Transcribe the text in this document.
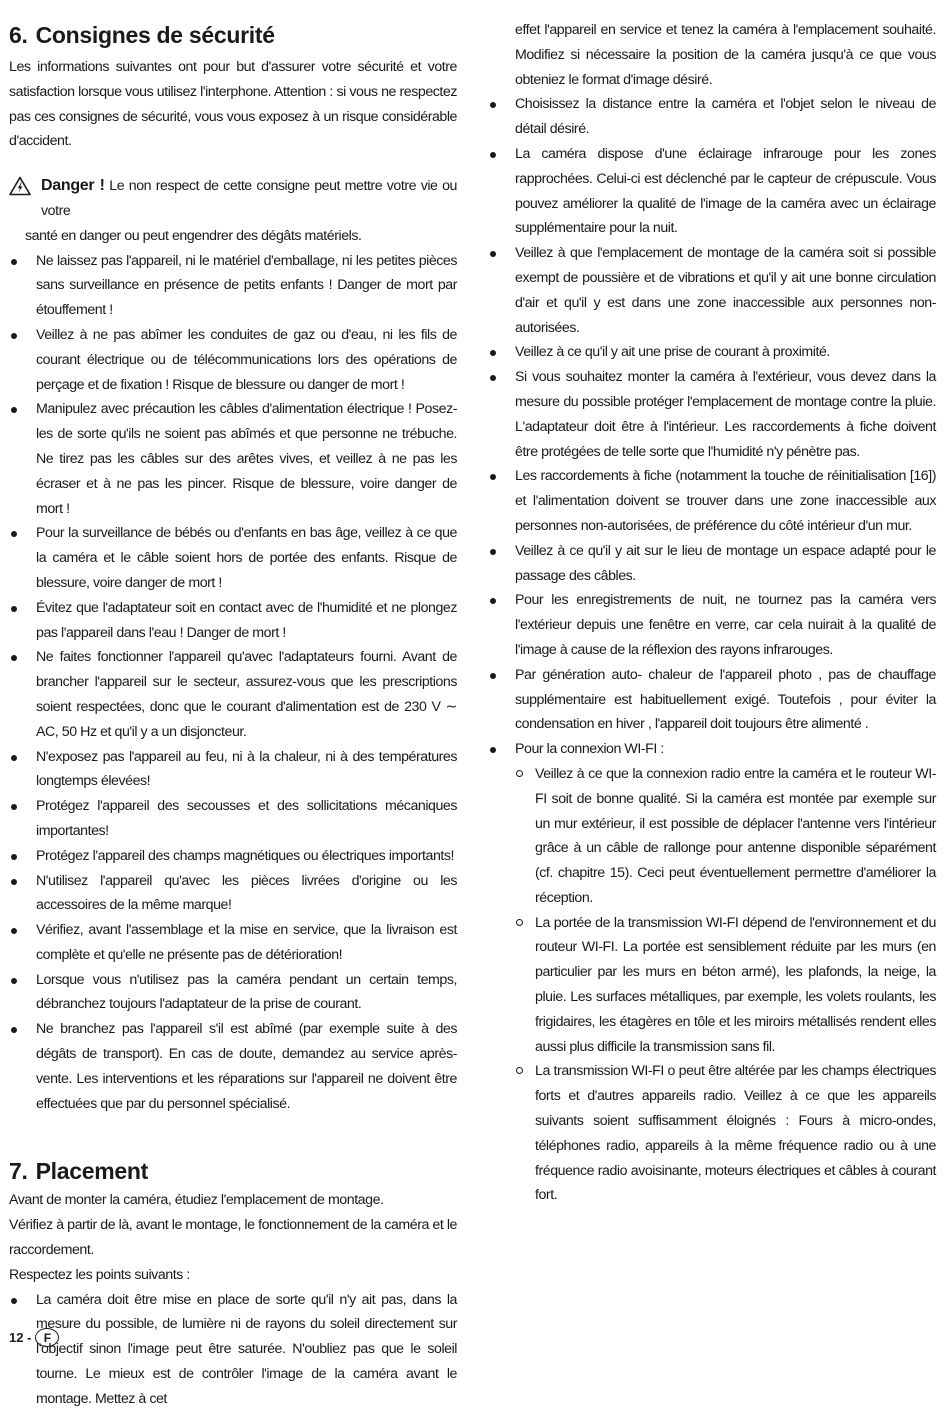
6. Consignes de sécurité

Les informations suivantes ont pour but d'assurer votre sécurité et votre satisfaction lorsque vous utilisez l'interphone. Attention : si vous ne respectez pas ces consignes de sécurité, vous vous exposez à un risque considérable d'accident.

Danger ! Le non respect de cette consigne peut mettre votre vie ou votre
santé en danger ou peut engendrer des dégâts matériels.

Ne laissez pas l'appareil, ni le matériel d'emballage, ni les petites pièces sans surveillance en présence de petits enfants ! Danger de mort par étouffement !
Veillez à ne pas abîmer les conduites de gaz ou d'eau, ni les fils de courant électrique ou de télécommunications lors des opérations de perçage et de fixation ! Risque de blessure ou danger de mort !
Manipulez avec précaution les câbles d'alimentation électrique ! Posez-les de sorte qu'ils ne soient pas abîmés et que personne ne trébuche. Ne tirez pas les câbles sur des arêtes vives, et veillez à ne pas les écraser et à ne pas les pincer. Risque de blessure, voire danger de mort !
Pour la surveillance de bébés ou d'enfants en bas âge, veillez à ce que la caméra et le câble soient hors de portée des enfants. Risque de blessure, voire danger de mort !
Évitez que l'adaptateur soit en contact avec de l'humidité et ne plongez pas l'appareil dans l'eau ! Danger de mort !
Ne faites fonctionner l'appareil qu'avec l'adaptateurs fourni. Avant de brancher l'appareil sur le secteur, assurez-vous que les prescriptions soient respectées, donc que le courant d'alimentation est de 230 V ∼ AC, 50 Hz et qu'il y a un disjoncteur.
N'exposez pas l'appareil au feu, ni à la chaleur, ni à des températures longtemps élevées!
Protégez l'appareil des secousses et des sollicitations mécaniques importantes!
Protégez l'appareil des champs magnétiques ou électriques importants!
N'utilisez l'appareil qu'avec les pièces livrées d'origine ou les accessoires de la même marque!
Vérifiez, avant l'assemblage et la mise en service, que la livraison est complète et qu'elle ne présente pas de détérioration!
Lorsque vous n'utilisez pas la caméra pendant un certain temps, débranchez toujours l'adaptateur de la prise de courant.
Ne branchez pas l'appareil s'il est abîmé (par exemple suite à des dégâts de transport). En cas de doute, demandez au service après-vente. Les interventions et les réparations sur l'appareil ne doivent être effectuées que par du personnel spécialisé.
7. Placement

Avant de monter la caméra, étudiez l'emplacement de montage.

Vérifiez à partir de là, avant le montage, le fonctionnement de la caméra et le raccordement.

Respectez les points suivants :

La caméra doit être mise en place de sorte qu'il n'y ait pas, dans la mesure du possible, de lumière ni de rayons du soleil directement sur l'objectif sinon l'image peut être saturée. N'oubliez pas que le soleil tourne. Le mieux est de contrôler l'image de la caméra avant le montage. Mettez à cet

effet l'appareil en service et tenez la caméra à l'emplacement souhaité. Modifiez si nécessaire la position de la caméra jusqu'à ce que vous obteniez le format d'image désiré.

Choisissez la distance entre la caméra et l'objet selon le niveau de détail désiré.
La caméra dispose d'une éclairage infrarouge pour les zones rapprochées. Celui-ci est déclenché par le capteur de crépuscule. Vous pouvez améliorer la qualité de l'image de la caméra avec un éclairage supplémentaire pour la nuit.
Veillez à que l'emplacement de montage de la caméra soit si possible exempt de poussière et de vibrations et qu'il y ait une bonne circulation d'air et qu'il y est dans une zone inaccessible aux personnes non-autorisées.
Veillez à ce qu'il y ait une prise de courant à proximité.
Si vous souhaitez monter la caméra à l'extérieur, vous devez dans la mesure du possible protéger l'emplacement de montage contre la pluie. L'adaptateur doit être à l'intérieur. Les raccordements à fiche doivent être protégées de telle sorte que l'humidité n'y pénètre pas.
Les raccordements à fiche (notamment la touche de réinitialisation [16]) et l'alimentation doivent se trouver dans une zone inaccessible aux personnes non-autorisées, de préférence du côté intérieur d'un mur.
Veillez à ce qu'il y ait sur le lieu de montage un espace adapté pour le passage des câbles.
Pour les enregistrements de nuit, ne tournez pas la caméra vers l'extérieur depuis une fenêtre en verre, car cela nuirait à la qualité de l'image à cause de la réflexion des rayons infrarouges.
Par génération auto- chaleur de l'appareil photo , pas de chauffage supplémentaire est habituellement exigé. Toutefois , pour éviter la condensation en hiver , l'appareil doit toujours être alimenté .
Pour la connexion WI-FI :
Veillez à ce que la connexion radio entre la caméra et le routeur WI-FI soit de bonne qualité. Si la caméra est montée par exemple sur un mur extérieur, il est possible de déplacer l'antenne vers l'intérieur grâce à un câble de rallonge pour antenne disponible séparément (cf. chapitre 15). Ceci peut éventuellement permettre d'améliorer la réception.
La portée de la transmission WI-FI dépend de l'environnement et du routeur WI-FI. La portée est sensiblement réduite par les murs (en particulier par les murs en béton armé), les plafonds, la neige, la pluie. Les surfaces métalliques, par exemple, les volets roulants, les frigidaires, les étagères en tôle et les miroirs métallisés rendent elles aussi plus difficile la transmission sans fil.
La transmission WI-FI o peut être altérée par les champs électriques forts et d'autres appareils radio. Veillez à ce que les appareils suivants soient suffisamment éloignés : Fours à micro-ondes, téléphones radio, appareils à la même fréquence radio ou à une fréquence radio avoisinante, moteurs électriques et câbles à courant fort.
12 -	F
